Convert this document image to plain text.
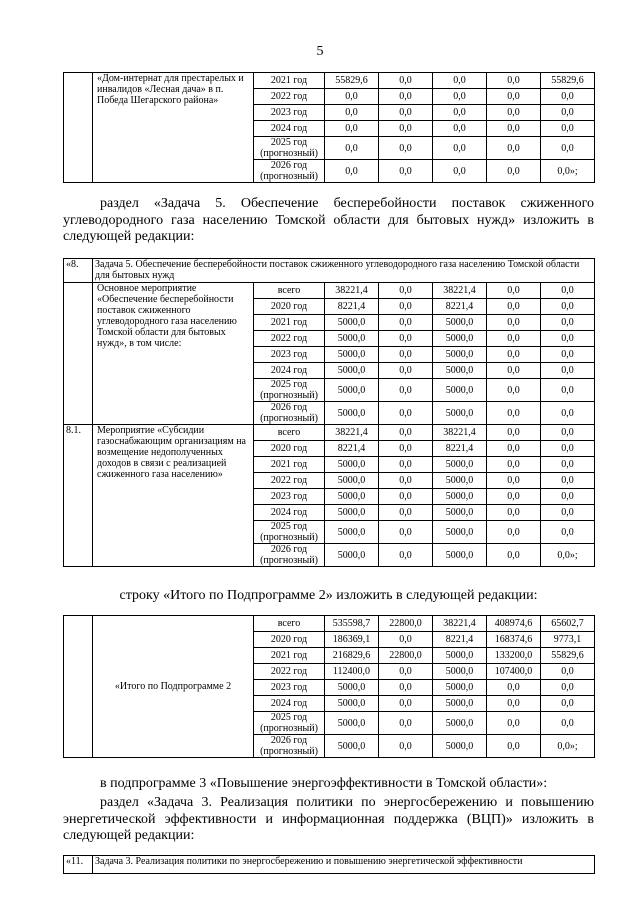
5
	«Дом-интернат для престарелых и инвалидов «Лесная дача» в п. Победа Шегарского района»	2021 год	55829,6	0,0	0,0	0,0	55829,6
		2022 год	0,0	0,0	0,0	0,0	0,0
		2023 год	0,0	0,0	0,0	0,0	0,0
		2024 год	0,0	0,0	0,0	0,0	0,0
		2025 год (прогнозный)	0,0	0,0	0,0	0,0	0,0
		2026 год (прогнозный)	0,0	0,0	0,0	0,0	0,0»;
раздел «Задача 5. Обеспечение бесперебойности поставок сжиженного углеводородного газа населению Томской области для бытовых нужд» изложить в следующей редакции:
«8.	Задача 5. Обеспечение бесперебойности поставок сжиженного углеводородного газа населению Томской области для бытовых нужд						
	Основное мероприятие «Обеспечение бесперебойности поставок сжиженного углеводородного газа населению Томской области для бытовых нужд», в том числе:	всего	38221,4	0,0	38221,4	0,0	0,0
		2020 год	8221,4	0,0	8221,4	0,0	0,0
		2021 год	5000,0	0,0	5000,0	0,0	0,0
		2022 год	5000,0	0,0	5000,0	0,0	0,0
		2023 год	5000,0	0,0	5000,0	0,0	0,0
		2024 год	5000,0	0,0	5000,0	0,0	0,0
		2025 год (прогнозный)	5000,0	0,0	5000,0	0,0	0,0
		2026 год (прогнозный)	5000,0	0,0	5000,0	0,0	0,0
8.1.	Мероприятие «Субсидии газоснабжающим организациям на возмещение недополученных доходов в связи с реализацией сжиженного газа населению»	всего	38221,4	0,0	38221,4	0,0	0,0
		2020 год	8221,4	0,0	8221,4	0,0	0,0
		2021 год	5000,0	0,0	5000,0	0,0	0,0
		2022 год	5000,0	0,0	5000,0	0,0	0,0
		2023 год	5000,0	0,0	5000,0	0,0	0,0
		2024 год	5000,0	0,0	5000,0	0,0	0,0
		2025 год (прогнозный)	5000,0	0,0	5000,0	0,0	0,0
		2026 год (прогнозный)	5000,0	0,0	5000,0	0,0	0,0»;
строку «Итого по Подпрограмме 2» изложить в следующей редакции:
	«Итого по Подпрограмме 2	всего	535598,7	22800,0	38221,4	408974,6	65602,7
		2020 год	186369,1	0,0	8221,4	168374,6	9773,1
		2021 год	216829,6	22800,0	5000,0	133200,0	55829,6
		2022 год	112400,0	0,0	5000,0	107400,0	0,0
		2023 год	5000,0	0,0	5000,0	0,0	0,0
		2024 год	5000,0	0,0	5000,0	0,0	0,0
		2025 год (прогнозный)	5000,0	0,0	5000,0	0,0	0,0
		2026 год (прогнозный)	5000,0	0,0	5000,0	0,0	0,0»;
в подпрограмме 3 «Повышение энергоэффективности в Томской области»:
раздел «Задача 3. Реализация политики по энергосбережению и повышению энергетической эффективности и информационная поддержка (ВЦП)» изложить в следующей редакции:
«11.	Задача 3. Реализация политики по энергосбережению и повышению энергетической эффективности
